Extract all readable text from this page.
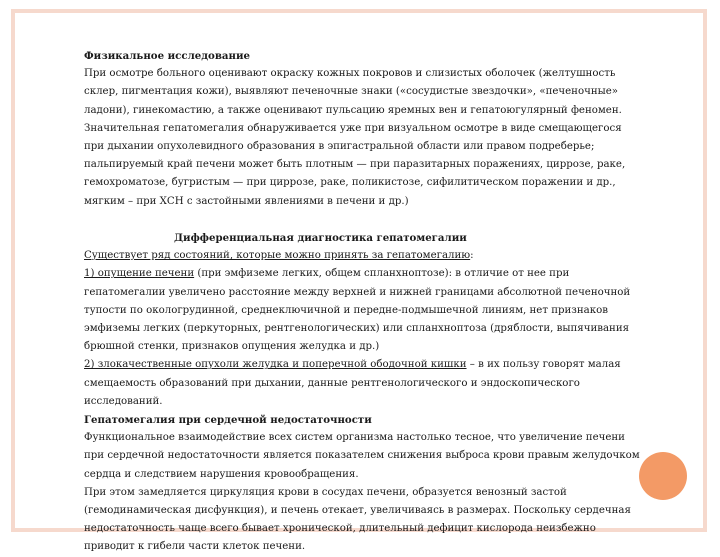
Физикальное исследование

При осмотре больного оценивают окраску кожных покровов и слизистых оболочек (желтушность

склер, пигментация кожи), выявляют печеночные знаки («сосудистые звездочки», «печеночные»

ладони), гинекомастию, а также оценивают пульсацию яремных вен и гепатоюгулярный феномен.

Значительная гепатомегалия обнаруживается уже при визуальном осмотре в виде смещающегося

при дыхании опухолевидного образования в эпигастральной области или правом подреберье;

пальпируемый край печени может быть плотным — при паразитарных поражениях, циррозе, раке,

гемохроматозе, бугристым — при циррозе, раке, поликистозе, сифилитическом поражении и др.,

мягким – при ХСН с застойными явлениями в печени и др.)

Дифференциальная диагностика гепатомегалии

Существует ряд состояний, которые можно принять за гепатомегалию:

1) опущение печени (при эмфиземе легких, общем спланхноптозе): в отличие от нее при

гепатомегалии увеличено расстояние между верхней и нижней границами абсолютной печеночной

тупости по окологрудинной, среднеключичной и передне-подмышечной линиям, нет признаков

эмфиземы легких (перкуторных, рентгенологических) или спланхноптоза (дряблости, выпячивания

брюшной стенки, признаков опущения желудка и др.)

2) злокачественные опухоли желудка и поперечной ободочной кишки – в их пользу говорят малая

смещаемость образований при дыхании, данные рентгенологического и эндоскопического

исследований.

Гепатомегалия при сердечной недостаточности

Функциональное взаимодействие всех систем организма настолько тесное, что увеличение печени

при сердечной недостаточности является показателем снижения выброса крови правым желудочком

сердца и следствием нарушения кровообращения.

При этом замедляется циркуляция крови в сосудах печени, образуется венозный застой

(гемодинамическая дисфункция), и печень отекает, увеличиваясь в размерах. Поскольку сердечная

недостаточность чаще всего бывает хронической, длительный дефицит кислорода неизбежно

приводит к гибели части клеток печени.
